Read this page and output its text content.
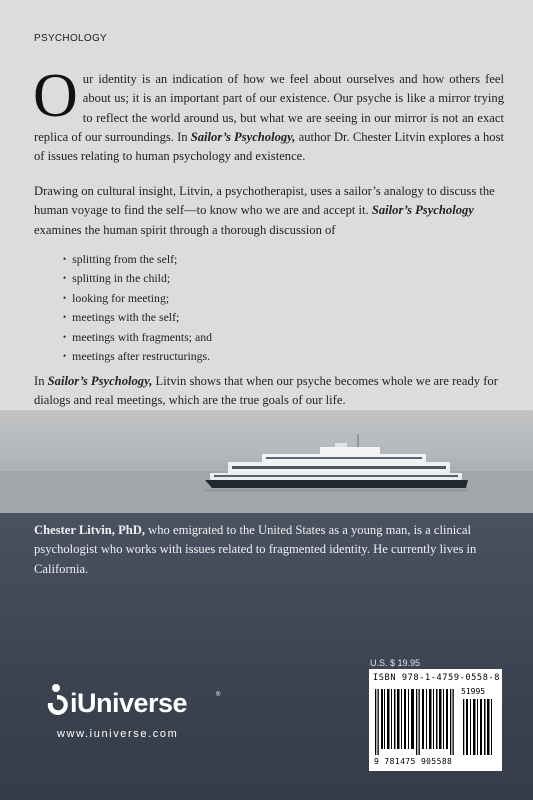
PSYCHOLOGY

Our identity is an indication of how we feel about ourselves and how others feel about us; it is an important part of our existence. Our psyche is like a mirror trying to reflect the world around us, but what we are seeing in our mirror is not an exact replica of our surroundings. In Sailor’s Psychology, author Dr. Chester Litvin explores a host of issues relating to human psychology and existence.

Drawing on cultural insight, Litvin, a psychotherapist, uses a sailor’s analogy to discuss the human voyage to find the self—to know who we are and accept it. Sailor’s Psychology examines the human spirit through a thorough discussion of

• splitting from the self;
• splitting in the child;
• looking for meeting;
• meetings with the self;
• meetings with fragments; and
• meetings after restructurings.

In Sailor’s Psychology, Litvin shows that when our psyche becomes whole we are ready for dialogs and real meetings, which are the true goals of our life.

Chester Litvin, PhD, who emigrated to the United States as a young man, is a clinical psychologist who works with issues related to fragmented identity. He currently lives in California.

iUniverse	®
www.iuniverse.com
U.S. $ 19.95
ISBN 978-1-4759-0558-8
51995
9 781475 905588
